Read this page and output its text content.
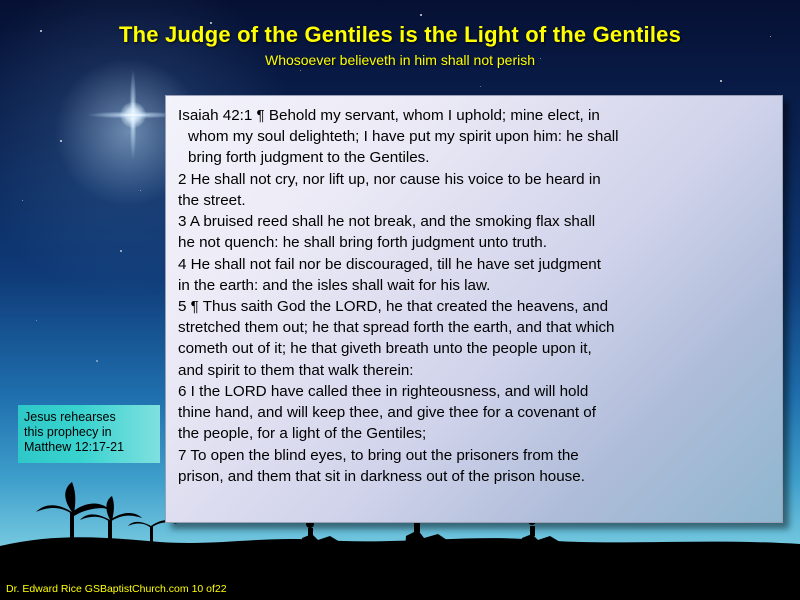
The Judge of the Gentiles is the Light of the Gentiles
Whosoever believeth in him shall not perish

Isaiah 42:1 ¶ Behold my servant, whom I uphold; mine elect, in

whom my soul delighteth; I have put my spirit upon him: he shall

bring forth judgment to the Gentiles.

2 He shall not cry, nor lift up, nor cause his voice to be heard in

the street.

3 A bruised reed shall he not break, and the smoking flax shall

he not quench: he shall bring forth judgment unto truth.

4 He shall not fail nor be discouraged, till he have set judgment

in the earth: and the isles shall wait for his law.

5 ¶ Thus saith God the LORD, he that created the heavens, and

stretched them out; he that spread forth the earth, and that which

cometh out of it; he that giveth breath unto the people upon it,

and spirit to them that walk therein:

6 I the LORD have called thee in righteousness, and will hold

thine hand, and will keep thee, and give thee for a covenant of

the people, for a light of the Gentiles;

7 To open the blind eyes, to bring out the prisoners from the

prison, and them that sit in darkness out of the prison house.

Jesus rehearses
this prophecy in
Matthew 12:17-21
Dr. Edward Rice GSBaptistChurch.com 10 of22
